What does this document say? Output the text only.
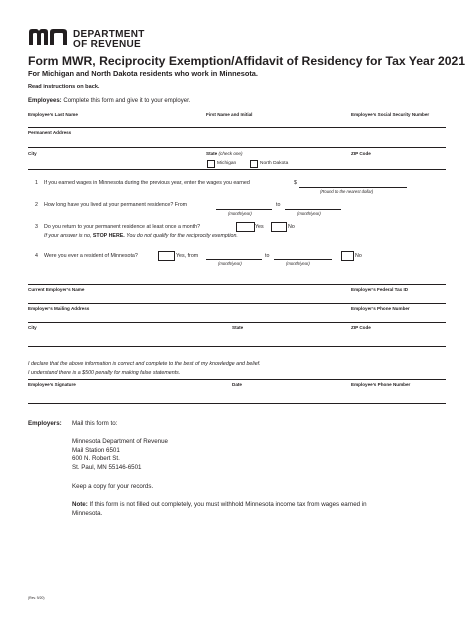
DEPARTMENT
OF REVENUE
Form MWR, Reciprocity Exemption/Affidavit of Residency for Tax Year 2021
For Michigan and North Dakota residents who work in Minnesota.
Read instructions on back.
Employees: Complete this form and give it to your employer.
Employee’s Last Name	First Name and Initial	Employee’s Social Security Number
Permanent Address
City	State (check one)	ZIP Code
Michigan	North Dakota
1 If you earned wages in Minnesota during the previous year, enter the wages you earned	$
(Round to the nearest dollar)
2 How long have you lived at your permanent residence? From	to
(month/year)	(month/year)
3 Do you return to your permanent residence at least once a month?	Yes	No
If your answer is no, STOP HERE. You do not qualify for the reciprocity exemption.
4 Were you ever a resident of Minnesota?	Yes, from	to	No
(month/year)	(month/year)
Current Employer’s Name	Employer’s Federal Tax ID
Employer’s Mailing Address	Employer’s Phone Number
City	State	ZIP Code
I declare that the above information is correct and complete to the best of my knowledge and belief.
I understand there is a $500 penalty for making false statements.
Employee’s Signature	Date	Employee’s Phone Number
Employers: Mail this form to:
Minnesota Department of Revenue
Mail Station 6501
600 N. Robert St.
St. Paul, MN 55146-6501
Keep a copy for your records.
Note: If this form is not filled out completely, you must withhold Minnesota income tax from wages earned in
Minnesota.
(Rev. 9/20)
